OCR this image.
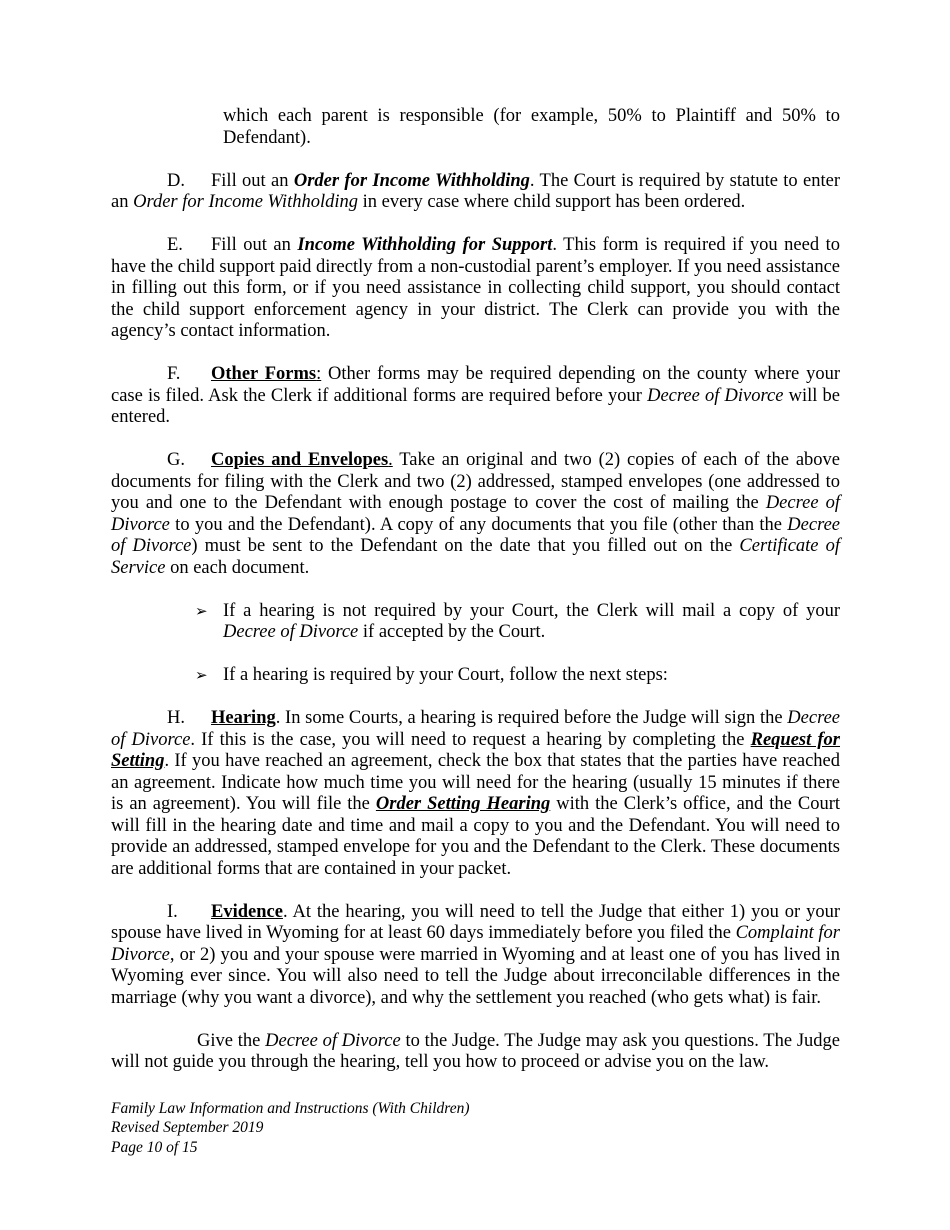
which each parent is responsible (for example, 50% to Plaintiff and 50% to Defendant).

D. Fill out an Order for Income Withholding. The Court is required by statute to enter an Order for Income Withholding in every case where child support has been ordered.

E. Fill out an Income Withholding for Support. This form is required if you need to have the child support paid directly from a non-custodial parent’s employer. If you need assistance in filling out this form, or if you need assistance in collecting child support, you should contact the child support enforcement agency in your district. The Clerk can provide you with the agency’s contact information.

F. Other Forms: Other forms may be required depending on the county where your case is filed. Ask the Clerk if additional forms are required before your Decree of Divorce will be entered.

G. Copies and Envelopes. Take an original and two (2) copies of each of the above documents for filing with the Clerk and two (2) addressed, stamped envelopes (one addressed to you and one to the Defendant with enough postage to cover the cost of mailing the Decree of Divorce to you and the Defendant). A copy of any documents that you file (other than the Decree of Divorce) must be sent to the Defendant on the date that you filled out on the Certificate of Service on each document.

➢ If a hearing is not required by your Court, the Clerk will mail a copy of your Decree of Divorce if accepted by the Court.

➢ If a hearing is required by your Court, follow the next steps:

H. Hearing. In some Courts, a hearing is required before the Judge will sign the Decree of Divorce. If this is the case, you will need to request a hearing by completing the Request for Setting. If you have reached an agreement, check the box that states that the parties have reached an agreement. Indicate how much time you will need for the hearing (usually 15 minutes if there is an agreement). You will file the Order Setting Hearing with the Clerk’s office, and the Court will fill in the hearing date and time and mail a copy to you and the Defendant. You will need to provide an addressed, stamped envelope for you and the Defendant to the Clerk. These documents are additional forms that are contained in your packet.

I. Evidence. At the hearing, you will need to tell the Judge that either 1) you or your spouse have lived in Wyoming for at least 60 days immediately before you filed the Complaint for Divorce, or 2) you and your spouse were married in Wyoming and at least one of you has lived in Wyoming ever since. You will also need to tell the Judge about irreconcilable differences in the marriage (why you want a divorce), and why the settlement you reached (who gets what) is fair.

Give the Decree of Divorce to the Judge. The Judge may ask you questions. The Judge will not guide you through the hearing, tell you how to proceed or advise you on the law.

Family Law Information and Instructions (With Children)
Revised September 2019
Page 10 of 15
